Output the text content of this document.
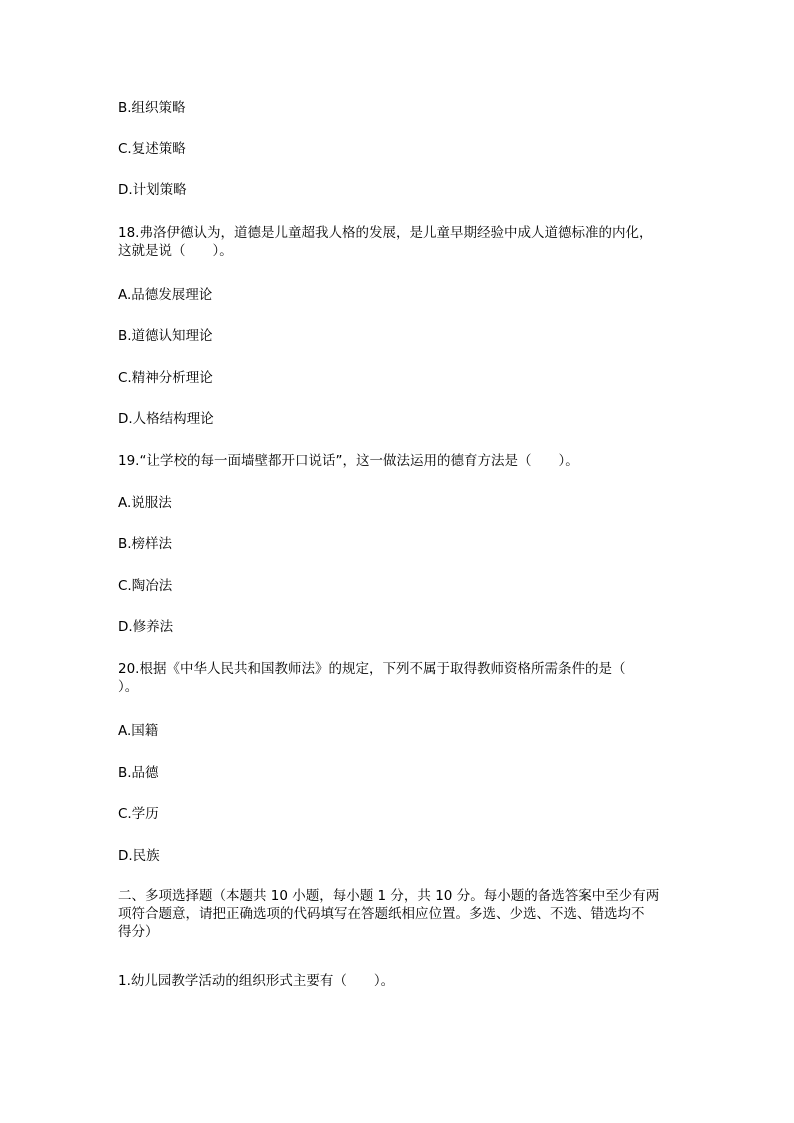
B.组织策略
C.复述策略
D.计划策略
18.弗洛伊德认为，道德是儿童超我人格的发展，是儿童早期经验中成人道德标准的内化，
这就是说（　　）。
A.品德发展理论
B.道德认知理论
C.精神分析理论
D.人格结构理论
19.“让学校的每一面墙壁都开口说话”，这一做法运用的德育方法是（　　）。
A.说服法
B.榜样法
C.陶冶法
D.修养法
20.根据《中华人民共和国教师法》的规定，下列不属于取得教师资格所需条件的是（
）。
A.国籍
B.品德
C.学历
D.民族
二、多项选择题（本题共 10 小题，每小题 1 分，共 10 分。每小题的备选答案中至少有两
项符合题意，请把正确选项的代码填写在答题纸相应位置。多选、少选、不选、错选均不
得分）
1.幼儿园教学活动的组织形式主要有（　　）。
